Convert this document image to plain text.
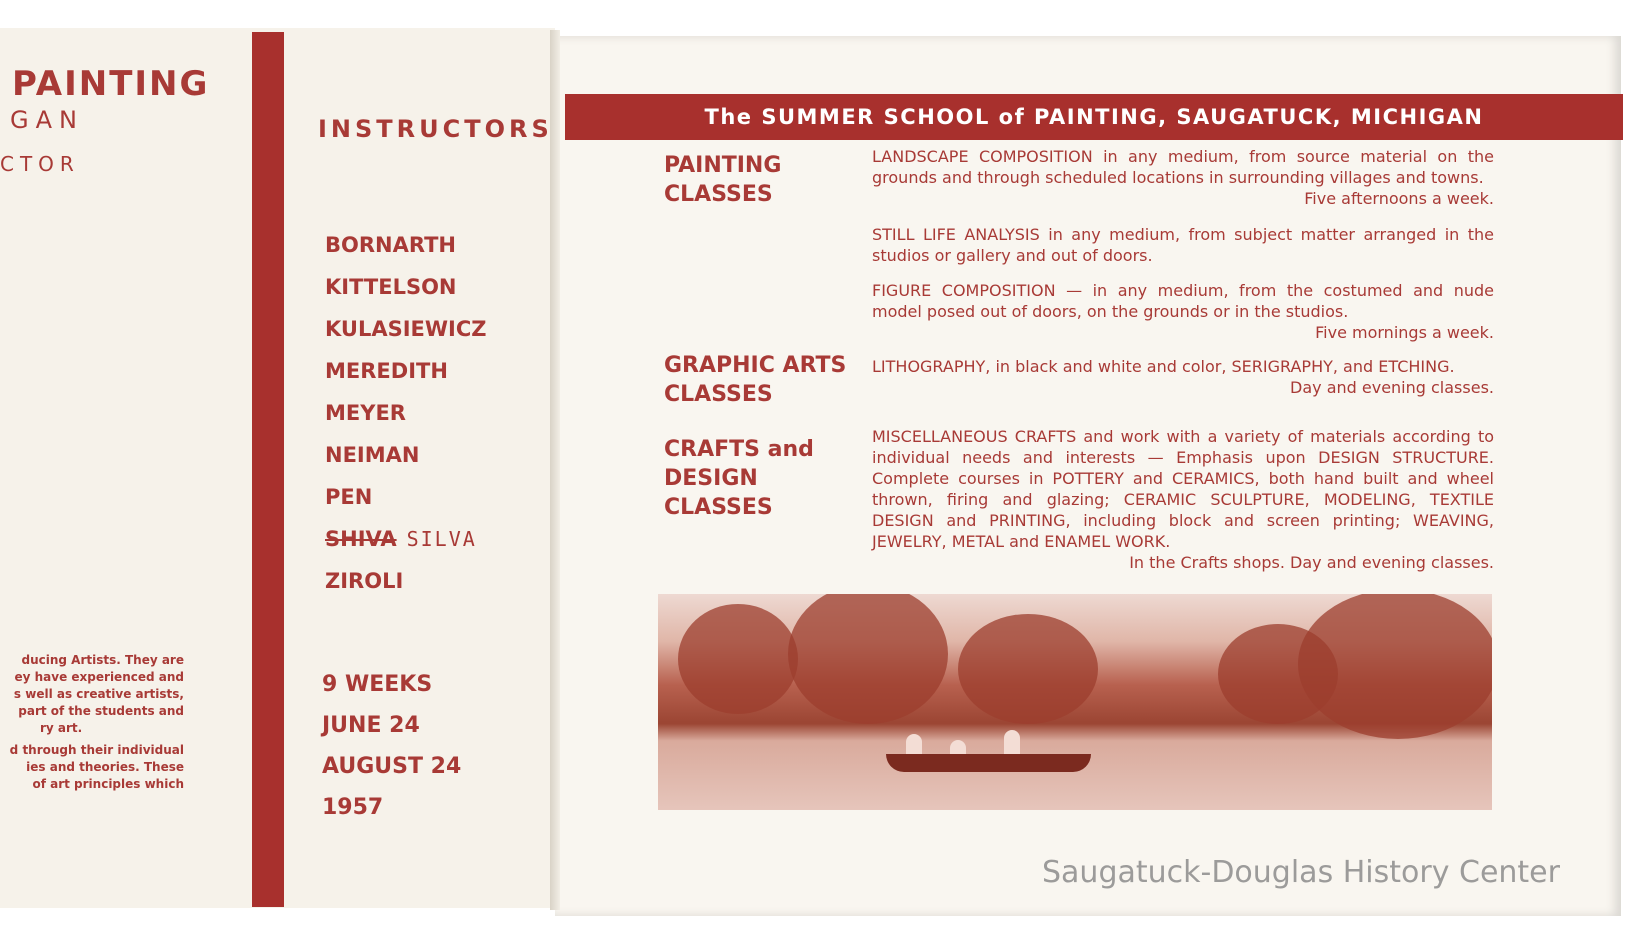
PAINTING
GAN
CTOR

ducing Artists. They are

ey have experienced and

s well as creative artists,

part of the students and

ry art.

d through their individual

ies and theories. These

of art principles which

INSTRUCTORS
BORNARTH
KITTELSON
KULASIEWICZ
MEREDITH
MEYER
NEIMAN
PEN
SHIVA SILVA
ZIROLI
9 WEEKS
JUNE 24
AUGUST 24
1957
The SUMMER SCHOOL of PAINTING, SAUGATUCK, MICHIGAN
PAINTING
CLASSES
LANDSCAPE COMPOSITION in any medium, from source material on the grounds and through scheduled locations in surrounding villages and towns.
Five afternoons a week.
STILL LIFE ANALYSIS in any medium, from subject matter arranged in the studios or gallery and out of doors.
FIGURE COMPOSITION — in any medium, from the costumed and nude model posed out of doors, on the grounds or in the studios.
Five mornings a week.
GRAPHIC ARTS
CLASSES
LITHOGRAPHY, in black and white and color, SERIGRAPHY, and ETCHING.
Day and evening classes.
CRAFTS and
DESIGN
CLASSES
MISCELLANEOUS CRAFTS and work with a variety of materials according to individual needs and interests — Emphasis upon DESIGN STRUCTURE. Complete courses in POTTERY and CERAMICS, both hand built and wheel thrown, firing and glazing; CERAMIC SCULPTURE, MODELING, TEXTILE DESIGN and PRINTING, including block and screen printing; WEAVING, JEWELRY, METAL and ENAMEL WORK.
In the Crafts shops. Day and evening classes.
Saugatuck-Douglas History Center
